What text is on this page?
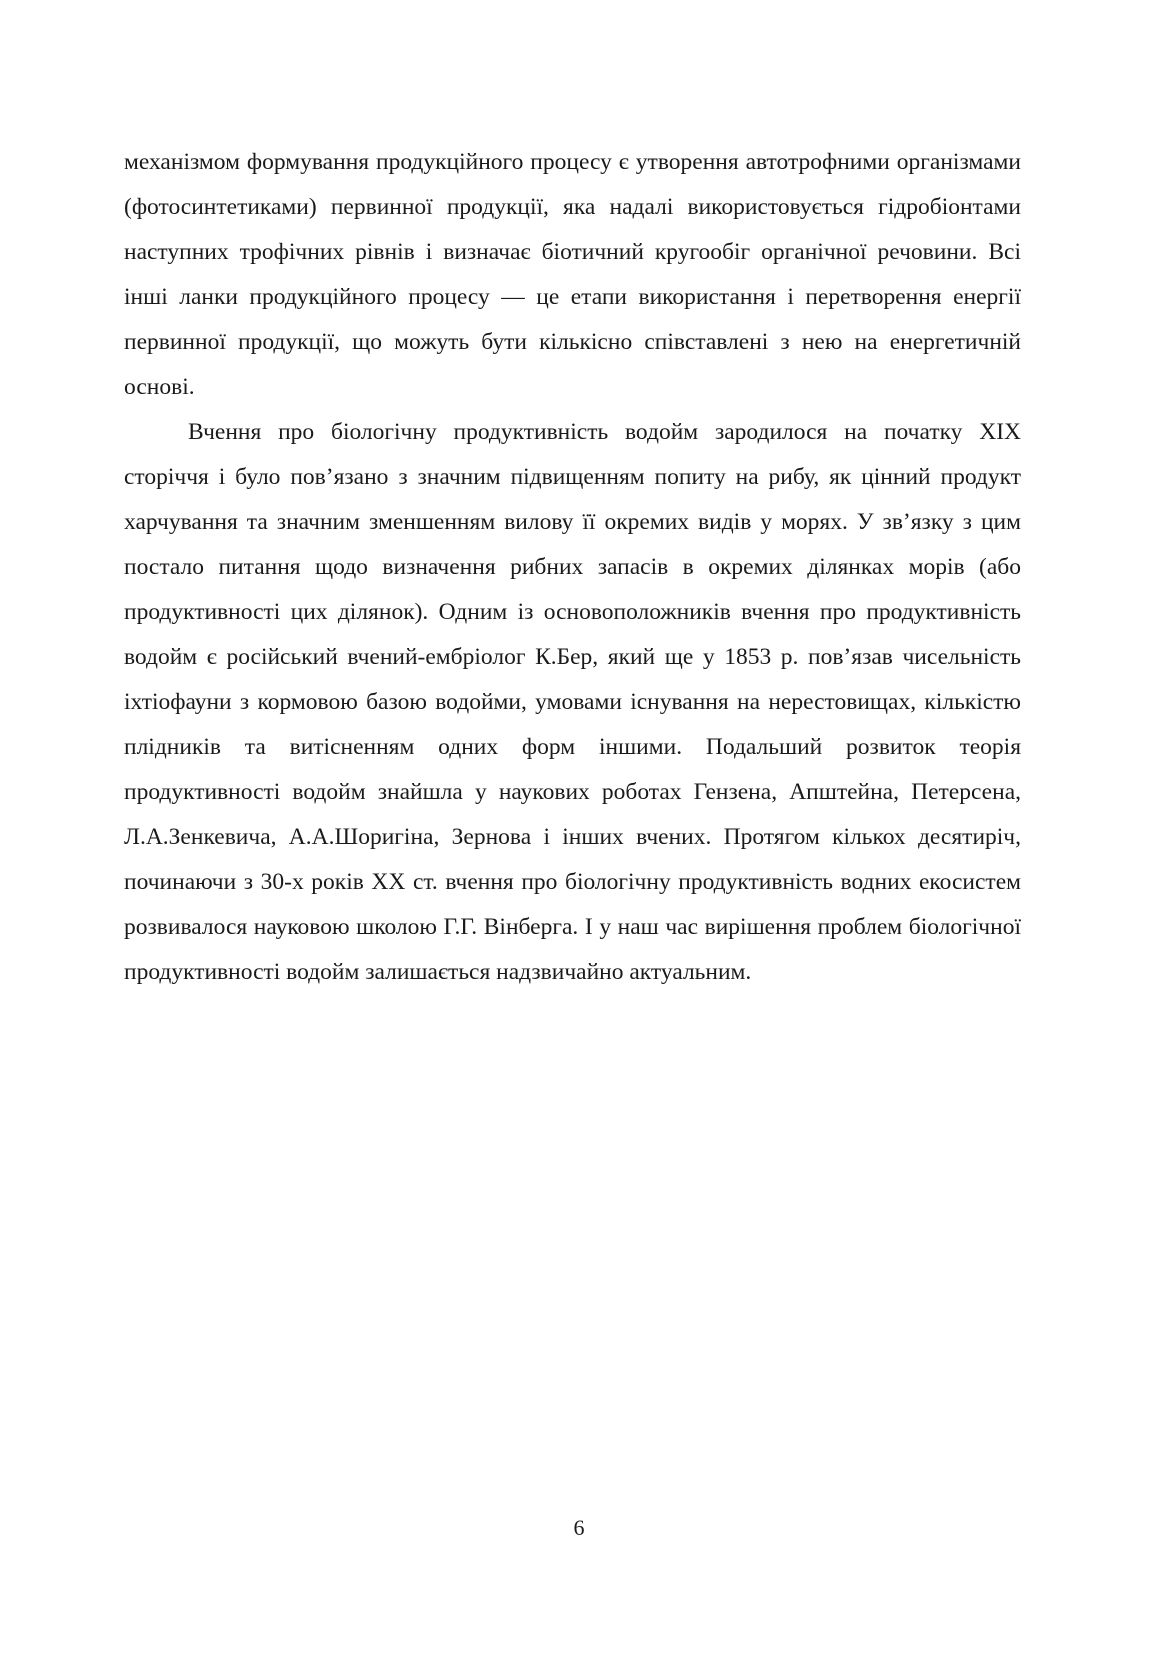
механізмом формування продукційного процесу є утворення автотрофними організмами (фотосинтетиками) первинної продукції, яка надалі використовується гідробіонтами наступних трофічних рівнів і визначає біотичний кругообіг органічної речовини. Всі інші ланки продукційного процесу — це етапи використання і перетворення енергії первинної продукції, що можуть бути кількісно співставлені з нею на енергетичній основі.

Вчення про біологічну продуктивність водойм зародилося на початку XIX сторіччя і було пов’язано з значним підвищенням попиту на рибу, як цінний продукт харчування та значним зменшенням вилову її окремих видів у морях. У зв’язку з цим постало питання щодо визначення рибних запасів в окремих ділянках морів (або продуктивності цих ділянок). Одним із основоположників вчення про продуктивність водойм є російський вчений-ембріолог К.Бер, який ще у 1853 р. пов’язав чисельність іхтіофауни з кормовою базою водойми, умовами існування на нерестовищах, кількістю плідників та витісненням одних форм іншими. Подальший розвиток теорія продуктивності водойм знайшла у наукових роботах Гензена, Апштейна, Петерсена, Л.А.Зенкевича, А.А.Шоригіна, Зернова і інших вчених. Протягом кількох десятиріч, починаючи з 30-х років XX ст. вчення про біологічну продуктивність водних екосистем розвивалося науковою школою Г.Г. Вінберга. І у наш час вирішення проблем біологічної продуктивності водойм залишається надзвичайно актуальним.

6
